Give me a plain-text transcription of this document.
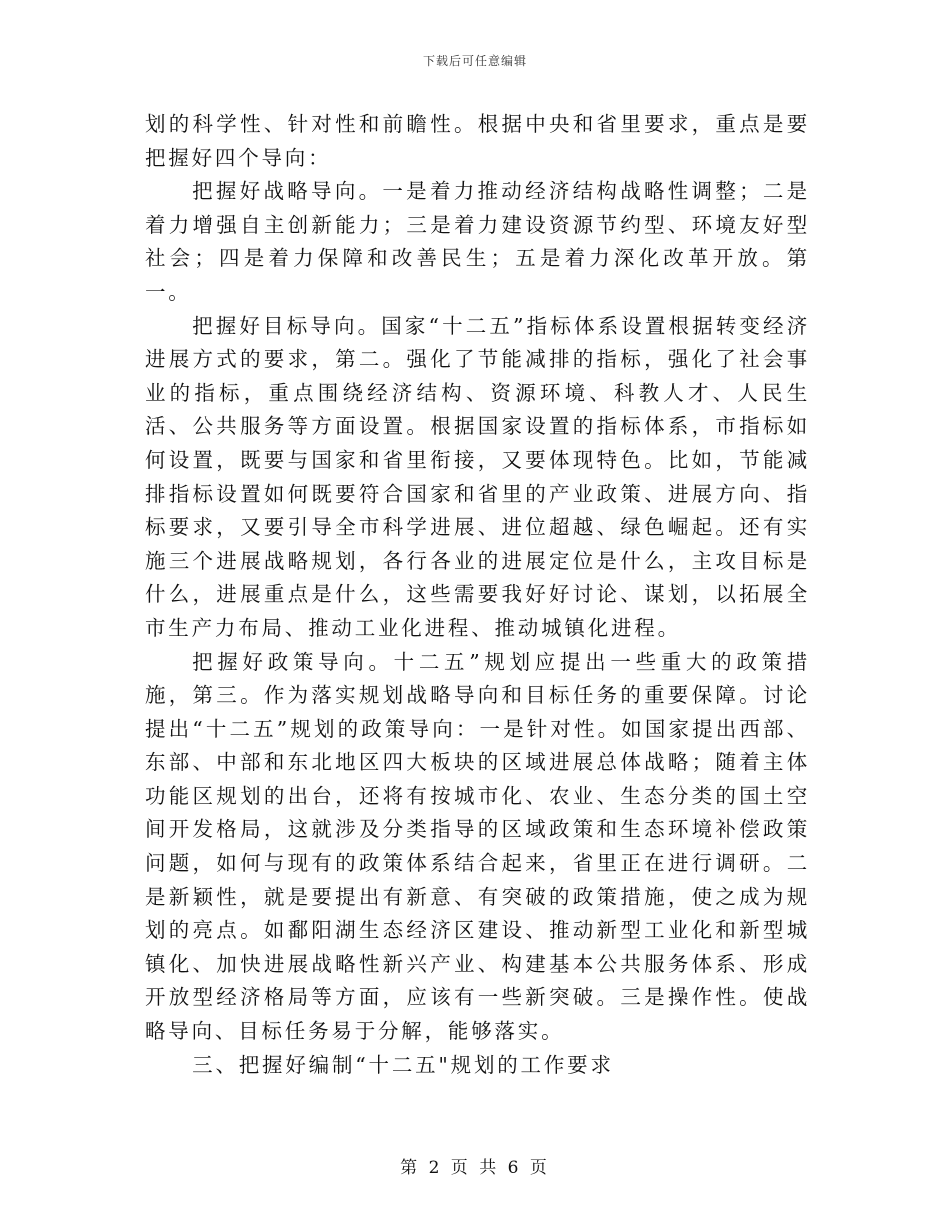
下载后可任意编辑

划的科学性、针对性和前瞻性。根据中央和省里要求，重点是要把握好四个导向：

把握好战略导向。一是着力推动经济结构战略性调整；二是着力增强自主创新能力；三是着力建设资源节约型、环境友好型社会；四是着力保障和改善民生；五是着力深化改革开放。第一。

把握好目标导向。国家“十二五”指标体系设置根据转变经济进展方式的要求，第二。强化了节能减排的指标，强化了社会事业的指标，重点围绕经济结构、资源环境、科教人才、人民生活、公共服务等方面设置。根据国家设置的指标体系，市指标如何设置，既要与国家和省里衔接，又要体现特色。比如，节能减排指标设置如何既要符合国家和省里的产业政策、进展方向、指标要求，又要引导全市科学进展、进位超越、绿色崛起。还有实施三个进展战略规划，各行各业的进展定位是什么，主攻目标是什么，进展重点是什么，这些需要我好好讨论、谋划，以拓展全市生产力布局、推动工业化进程、推动城镇化进程。

把握好政策导向。十二五”规划应提出一些重大的政策措施，第三。作为落实规划战略导向和目标任务的重要保障。讨论提出“十二五”规划的政策导向：一是针对性。如国家提出西部、东部、中部和东北地区四大板块的区域进展总体战略；随着主体功能区规划的出台，还将有按城市化、农业、生态分类的国土空间开发格局，这就涉及分类指导的区域政策和生态环境补偿政策问题，如何与现有的政策体系结合起来，省里正在进行调研。二是新颖性，就是要提出有新意、有突破的政策措施，使之成为规划的亮点。如鄱阳湖生态经济区建设、推动新型工业化和新型城镇化、加快进展战略性新兴产业、构建基本公共服务体系、形成开放型经济格局等方面，应该有一些新突破。三是操作性。使战略导向、目标任务易于分解，能够落实。

三、把握好编制“十二五"规划的工作要求

第 2 页 共 6 页
